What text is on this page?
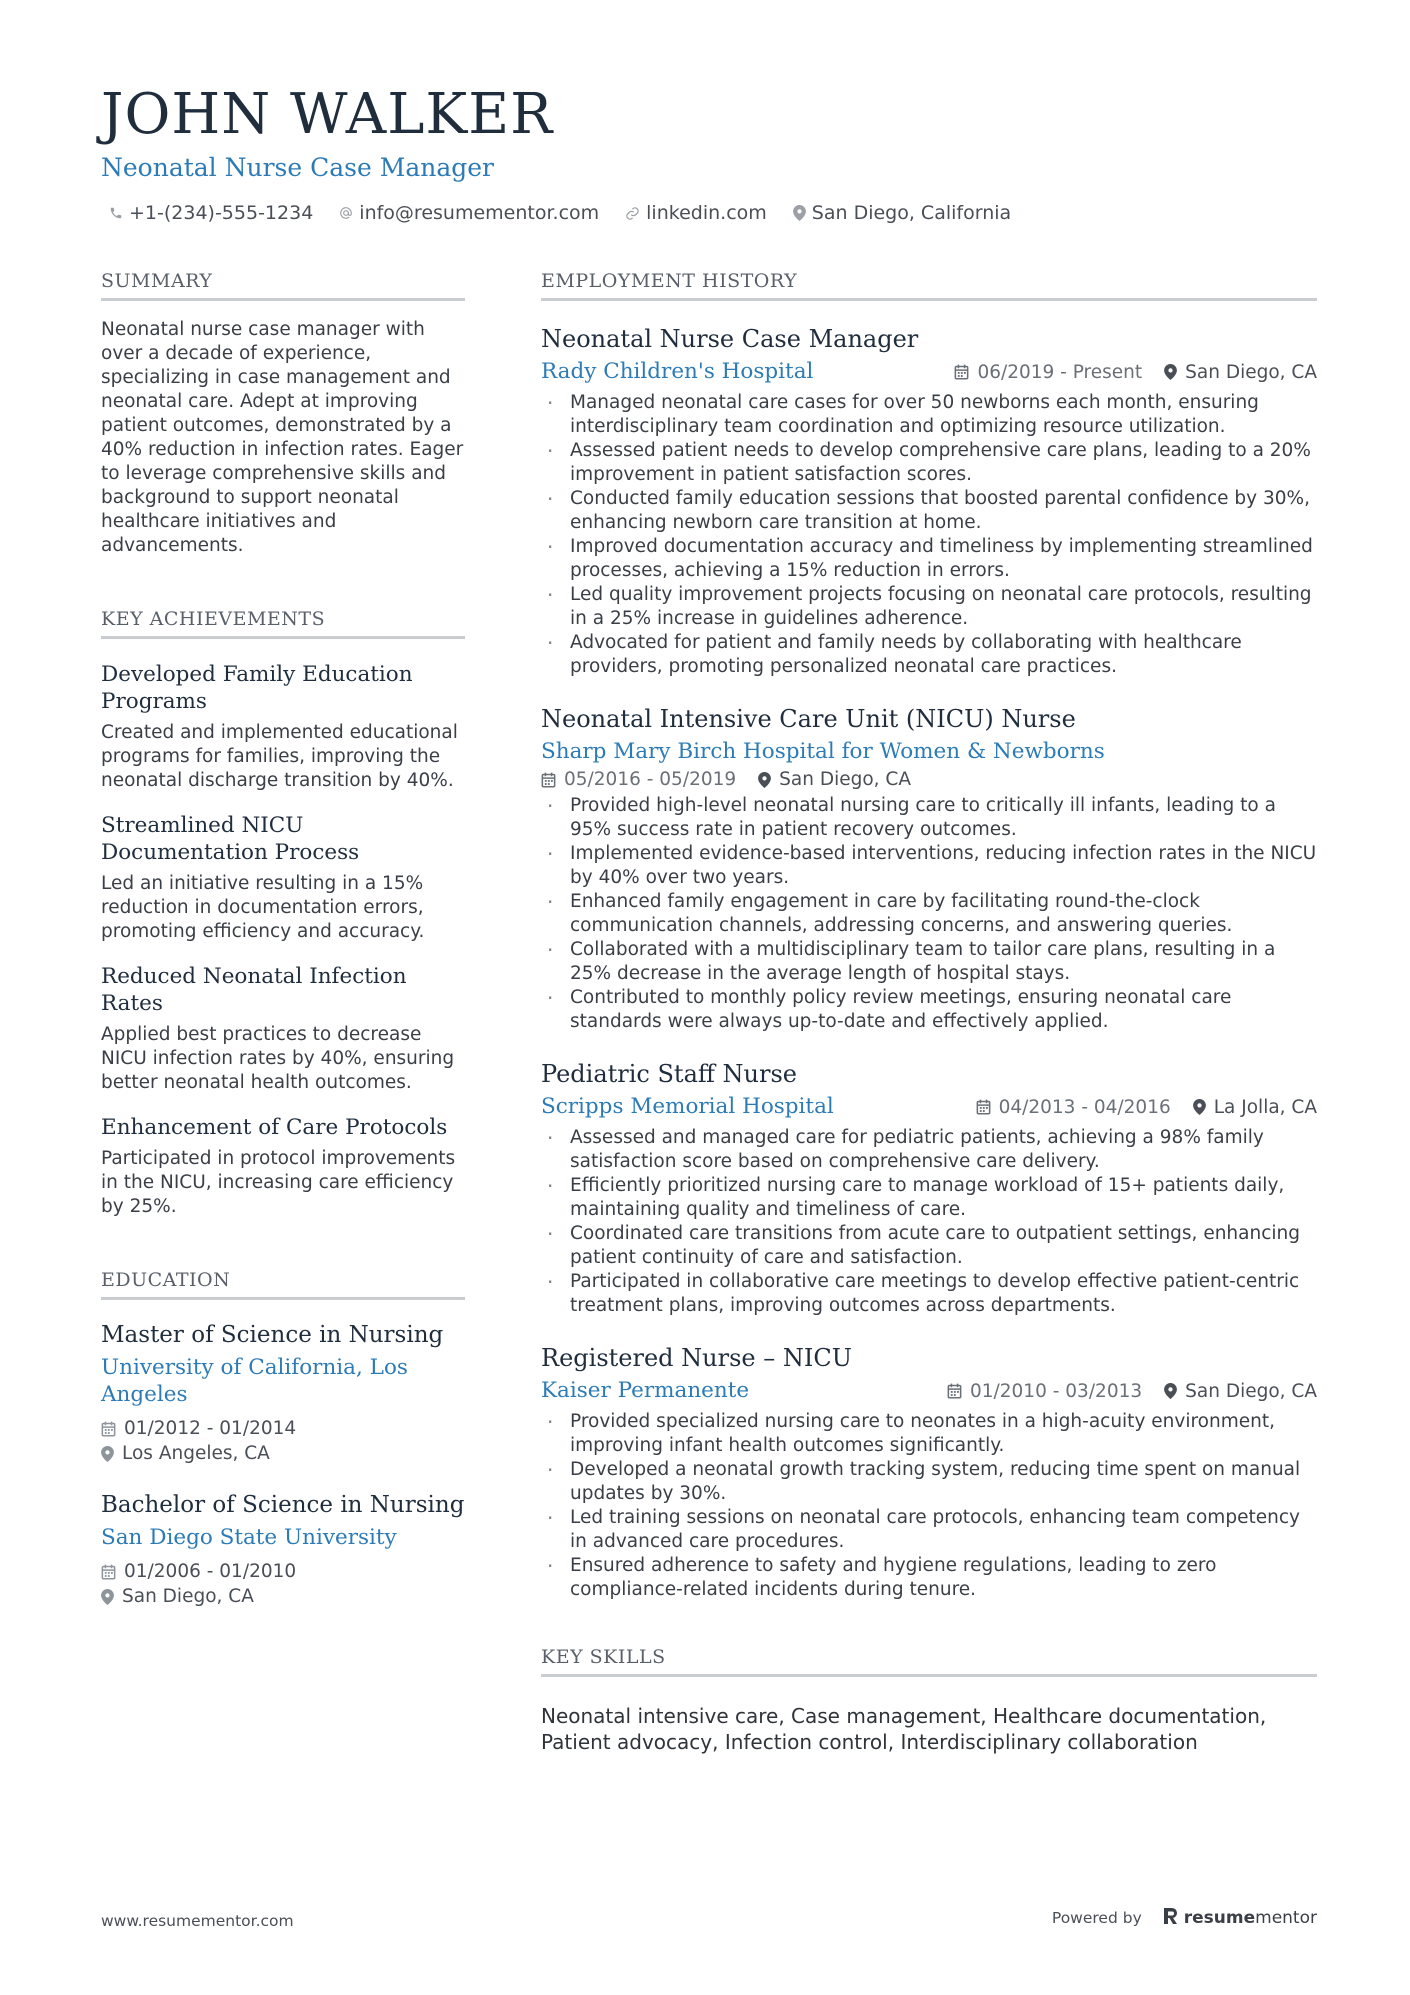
JOHN WALKER
Neonatal Nurse Case Manager
+1-(234)-555-1234 info@resumementor.com linkedin.com San Diego, California
SUMMARY
Neonatal nurse case manager with over a decade of experience, specializing in case management and neonatal care. Adept at improving patient outcomes, demonstrated by a 40% reduction in infection rates. Eager to leverage comprehensive skills and background to support neonatal healthcare initiatives and advancements.
KEY ACHIEVEMENTS
Developed Family Education Programs
Created and implemented educational programs for families, improving the neonatal discharge transition by 40%.
Streamlined NICU Documentation Process
Led an initiative resulting in a 15% reduction in documentation errors, promoting efficiency and accuracy.
Reduced Neonatal Infection Rates
Applied best practices to decrease NICU infection rates by 40%, ensuring better neonatal health outcomes.
Enhancement of Care Protocols
Participated in protocol improvements in the NICU, increasing care efficiency by 25%.
EDUCATION
Master of Science in Nursing
University of California, Los Angeles
01/2012 - 01/2014
Los Angeles, CA
Bachelor of Science in Nursing
San Diego State University
01/2006 - 01/2010
San Diego, CA
EMPLOYMENT HISTORY
Neonatal Nurse Case Manager
Rady Children's Hospital	06/2019 - Present San Diego, CA
· Managed neonatal care cases for over 50 newborns each month, ensuring interdisciplinary team coordination and optimizing resource utilization.
· Assessed patient needs to develop comprehensive care plans, leading to a 20% improvement in patient satisfaction scores.
· Conducted family education sessions that boosted parental confidence by 30%, enhancing newborn care transition at home.
· Improved documentation accuracy and timeliness by implementing streamlined processes, achieving a 15% reduction in errors.
· Led quality improvement projects focusing on neonatal care protocols, resulting in a 25% increase in guidelines adherence.
· Advocated for patient and family needs by collaborating with healthcare providers, promoting personalized neonatal care practices.
Neonatal Intensive Care Unit (NICU) Nurse
Sharp Mary Birch Hospital for Women & Newborns
05/2016 - 05/2019 San Diego, CA
· Provided high-level neonatal nursing care to critically ill infants, leading to a 95% success rate in patient recovery outcomes.
· Implemented evidence-based interventions, reducing infection rates in the NICU by 40% over two years.
· Enhanced family engagement in care by facilitating round-the-clock communication channels, addressing concerns, and answering queries.
· Collaborated with a multidisciplinary team to tailor care plans, resulting in a 25% decrease in the average length of hospital stays.
· Contributed to monthly policy review meetings, ensuring neonatal care standards were always up-to-date and effectively applied.
Pediatric Staff Nurse
Scripps Memorial Hospital	04/2013 - 04/2016 La Jolla, CA
· Assessed and managed care for pediatric patients, achieving a 98% family satisfaction score based on comprehensive care delivery.
· Efficiently prioritized nursing care to manage workload of 15+ patients daily, maintaining quality and timeliness of care.
· Coordinated care transitions from acute care to outpatient settings, enhancing patient continuity of care and satisfaction.
· Participated in collaborative care meetings to develop effective patient-centric treatment plans, improving outcomes across departments.
Registered Nurse – NICU
Kaiser Permanente	01/2010 - 03/2013 San Diego, CA
· Provided specialized nursing care to neonates in a high-acuity environment, improving infant health outcomes significantly.
· Developed a neonatal growth tracking system, reducing time spent on manual updates by 30%.
· Led training sessions on neonatal care protocols, enhancing team competency in advanced care procedures.
· Ensured adherence to safety and hygiene regulations, leading to zero compliance-related incidents during tenure.
KEY SKILLS
Neonatal intensive care, Case management, Healthcare documentation, Patient advocacy, Infection control, Interdisciplinary collaboration
www.resumementor.com	Powered by resumementor
